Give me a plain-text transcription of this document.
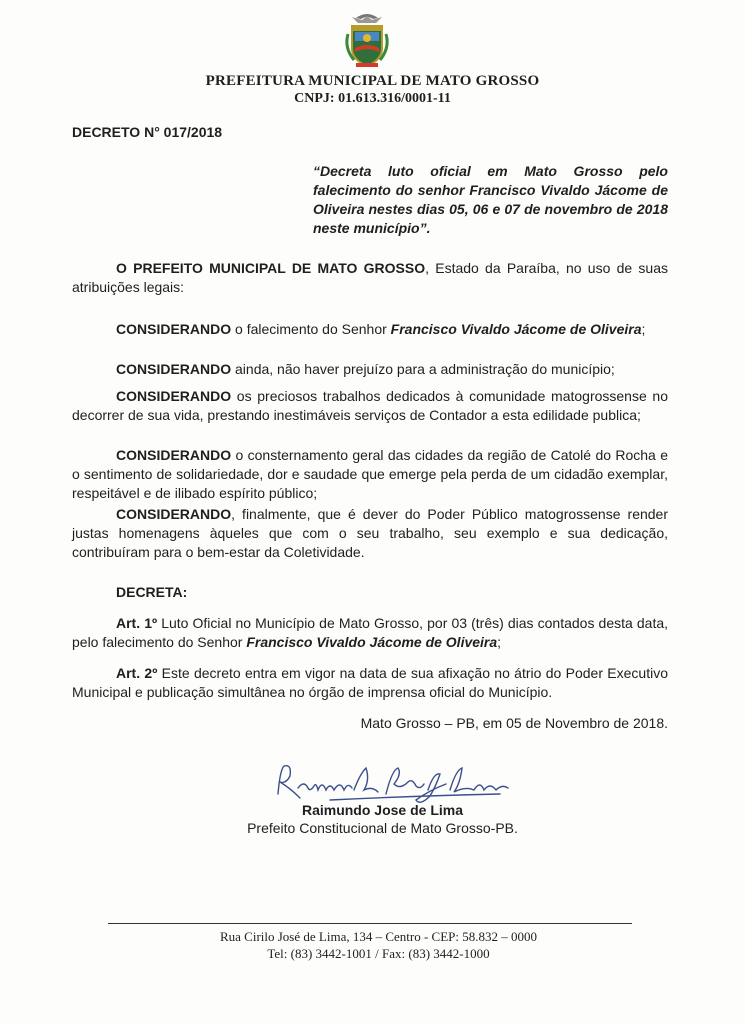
PREFEITURA MUNICIPAL DE MATO GROSSO
CNPJ: 01.613.316/0001-11
DECRETO N° 017/2018
“Decreta luto oficial em Mato Grosso pelo falecimento do senhor Francisco Vivaldo Jácome de Oliveira nestes dias 05, 06 e 07 de novembro de 2018 neste município”.
O PREFEITO MUNICIPAL DE MATO GROSSO, Estado da Paraíba, no uso de suas atribuições legais:
CONSIDERANDO o falecimento do Senhor Francisco Vivaldo Jácome de Oliveira;
CONSIDERANDO ainda, não haver prejuízo para a administração do município;
CONSIDERANDO os preciosos trabalhos dedicados à comunidade matogrossense no decorrer de sua vida, prestando inestimáveis serviços de Contador a esta edilidade publica;
CONSIDERANDO o consternamento geral das cidades da região de Catolé do Rocha e o sentimento de solidariedade, dor e saudade que emerge pela perda de um cidadão exemplar, respeitável e de ilibado espírito público;
CONSIDERANDO, finalmente, que é dever do Poder Público matogrossense render justas homenagens àqueles que com o seu trabalho, seu exemplo e sua dedicação, contribuíram para o bem-estar da Coletividade.
DECRETA:
Art. 1º Luto Oficial no Município de Mato Grosso, por 03 (três) dias contados desta data, pelo falecimento do Senhor Francisco Vivaldo Jácome de Oliveira;
Art. 2º Este decreto entra em vigor na data de sua afixação no átrio do Poder Executivo Municipal e publicação simultânea no órgão de imprensa oficial do Município.
Mato Grosso – PB, em 05 de Novembro de 2018.
Raimundo Jose de Lima
Prefeito Constitucional de Mato Grosso-PB.
Rua Cirilo José de Lima, 134 – Centro - CEP: 58.832 – 0000
Tel: (83) 3442-1001 / Fax: (83) 3442-1000
